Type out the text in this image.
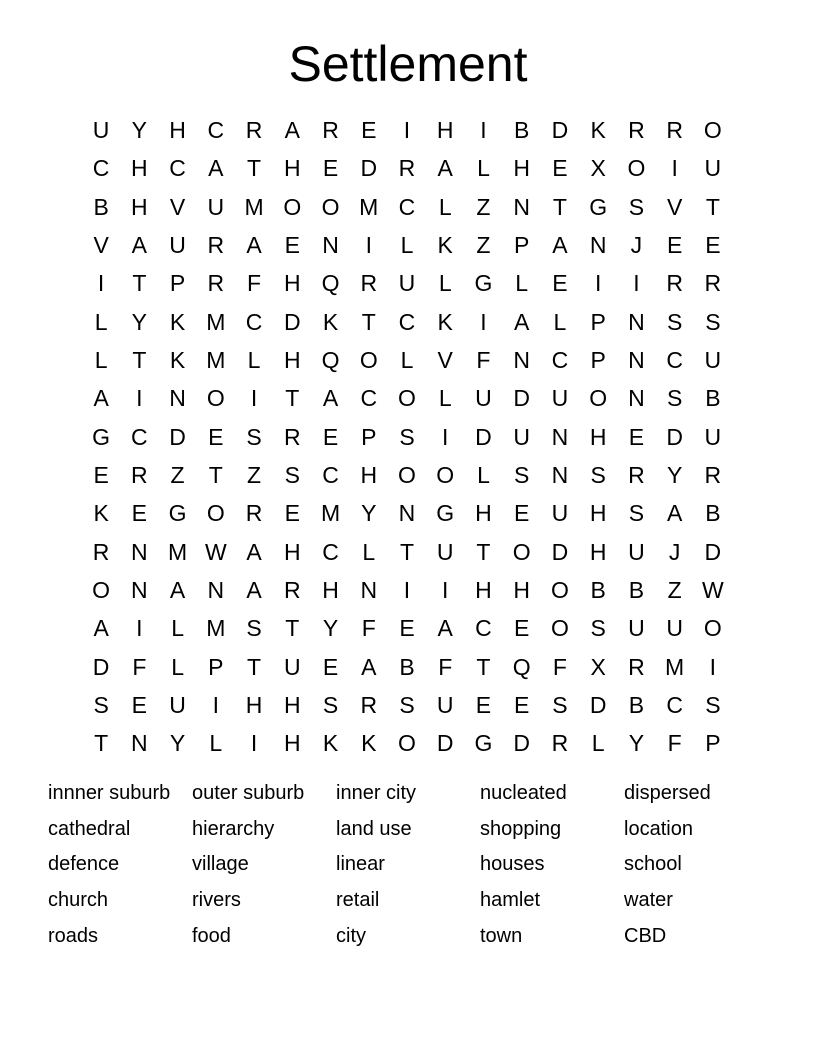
Settlement
U Y H C R A R E	I	H	I	B D K R R O
C H C A	T H E D R A	L	H E X O	I	U
B H V U M O O M C	L	Z N T G S V	T
V A U R A E N	I	L	K	Z	P A N	J	E E
I	T	P R F H Q R U	L G L	E	I	I	R R
L	Y K M C D K	T C K	I	A	L	P N S S
L	T	K M L	H Q O L	V	F N C P N C U
A	I	N O	I	T	A C O L	U D U O N S B
G C D E S R E P S	I	D U N H E D U
E R Z	T	Z	S C H O O L	S N S R Y R
K E G O R E M Y N G H E U H S A B
R N M W A H C	L	T U T O D H U	J	D
O N A N A R H N	I	I	H H O B B	Z W
A	I	L M S	T	Y	F	E A C E O S U U O
D F	L	P	T U E A B	F	T Q F	X R M	I
S E U	I	H H S R S U E E S D B C S
T N Y	L	I	H K K O D G D R	L	Y	F	P
innner suburb	outer suburb	inner city	nucleated	dispersed
cathedral	hierarchy	land use	shopping	location
defence	village	linear	houses	school
church	rivers	retail	hamlet	water
roads	food	city	town	CBD
